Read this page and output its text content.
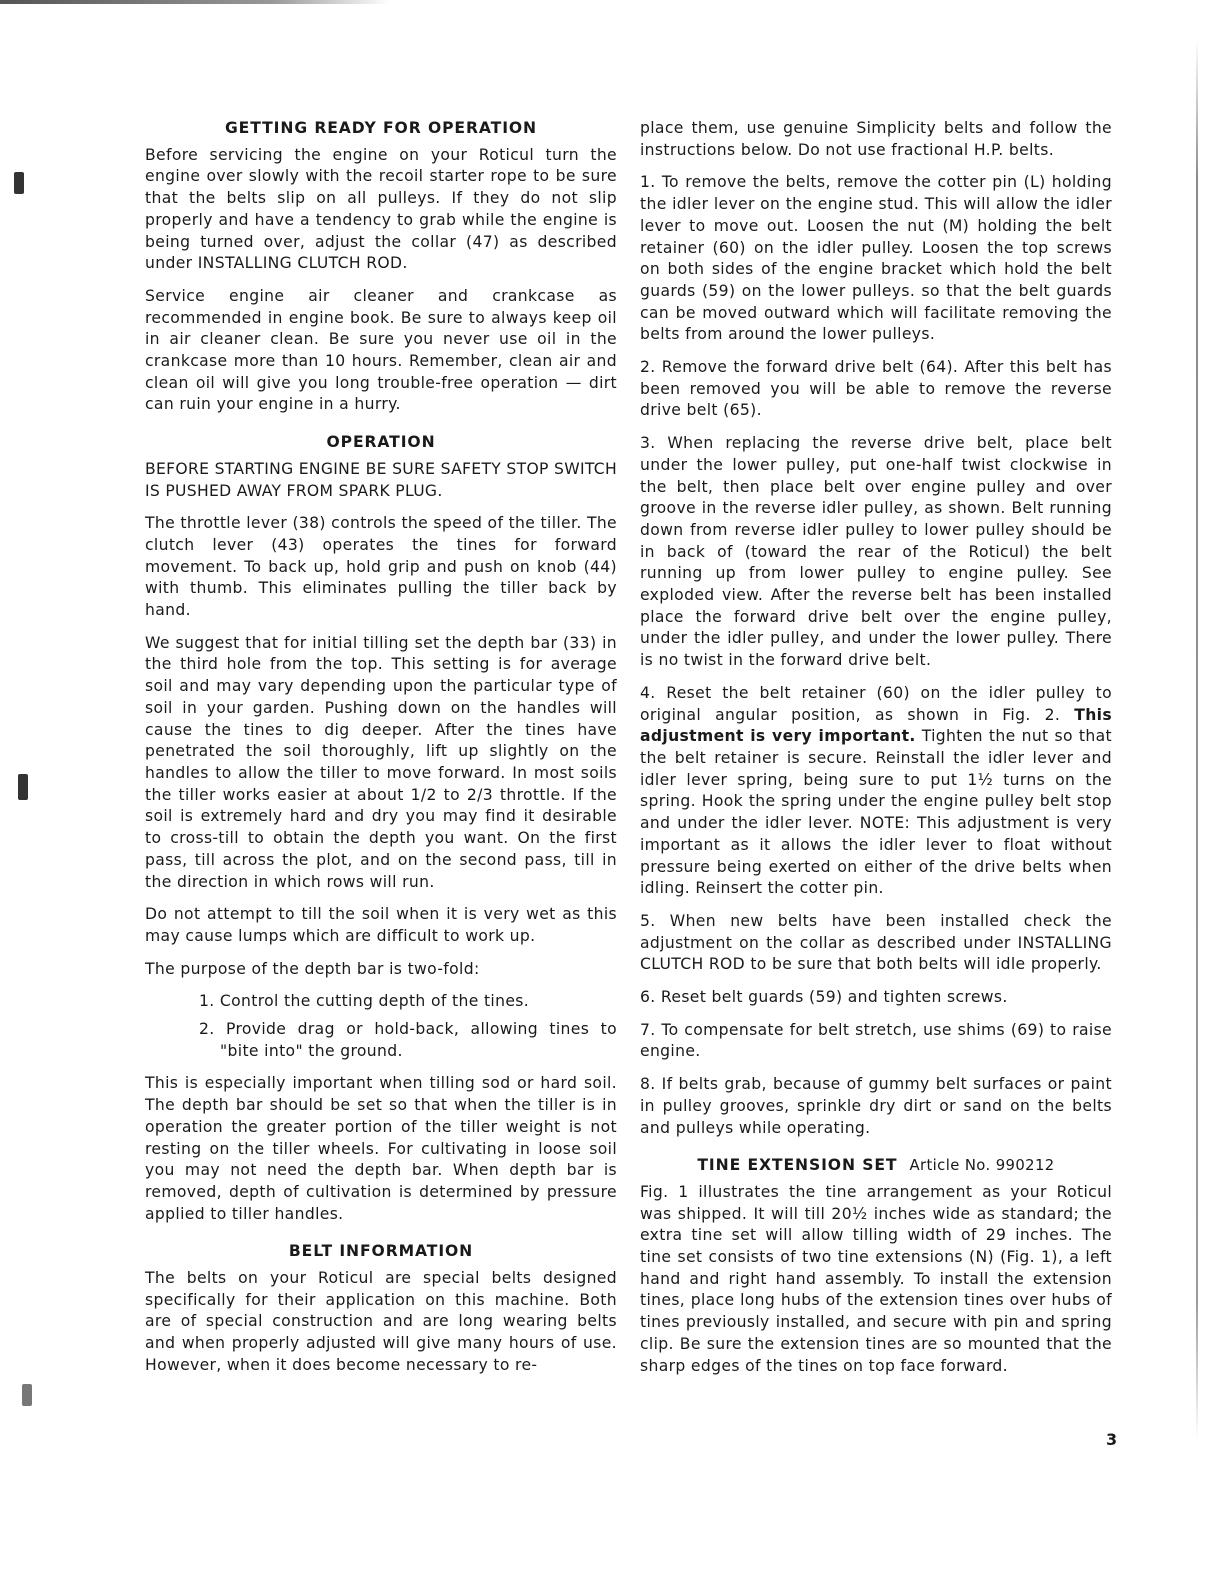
GETTING READY FOR OPERATION

Before servicing the engine on your Roticul turn the engine over slowly with the recoil starter rope to be sure that the belts slip on all pulleys. If they do not slip properly and have a tendency to grab while the engine is being turned over, adjust the collar (47) as described under INSTALLING CLUTCH ROD.

Service engine air cleaner and crankcase as recommended in engine book. Be sure to always keep oil in air cleaner clean. Be sure you never use oil in the crankcase more than 10 hours. Remember, clean air and clean oil will give you long trouble-free operation — dirt can ruin your engine in a hurry.

OPERATION

BEFORE STARTING ENGINE BE SURE SAFETY STOP SWITCH IS PUSHED AWAY FROM SPARK PLUG.

The throttle lever (38) controls the speed of the tiller. The clutch lever (43) operates the tines for forward movement. To back up, hold grip and push on knob (44) with thumb. This eliminates pulling the tiller back by hand.

We suggest that for initial tilling set the depth bar (33) in the third hole from the top. This setting is for average soil and may vary depending upon the particular type of soil in your garden. Pushing down on the handles will cause the tines to dig deeper. After the tines have penetrated the soil thoroughly, lift up slightly on the handles to allow the tiller to move forward. In most soils the tiller works easier at about 1/2 to 2/3 throttle. If the soil is extremely hard and dry you may find it desirable to cross-till to obtain the depth you want. On the first pass, till across the plot, and on the second pass, till in the direction in which rows will run.

Do not attempt to till the soil when it is very wet as this may cause lumps which are difficult to work up.

The purpose of the depth bar is two-fold:

1. Control the cutting depth of the tines.
2. Provide drag or hold-back, allowing tines to "bite into" the ground.

This is especially important when tilling sod or hard soil. The depth bar should be set so that when the tiller is in operation the greater portion of the tiller weight is not resting on the tiller wheels. For cultivating in loose soil you may not need the depth bar. When depth bar is removed, depth of cultivation is determined by pressure applied to tiller handles.

BELT INFORMATION

The belts on your Roticul are special belts designed specifically for their application on this machine. Both are of special construction and are long wearing belts and when properly adjusted will give many hours of use. However, when it does become necessary to re-

place them, use genuine Simplicity belts and follow the instructions below. Do not use fractional H.P. belts.

1. To remove the belts, remove the cotter pin (L) holding the idler lever on the engine stud. This will allow the idler lever to move out. Loosen the nut (M) holding the belt retainer (60) on the idler pulley. Loosen the top screws on both sides of the engine bracket which hold the belt guards (59) on the lower pulleys. so that the belt guards can be moved outward which will facilitate removing the belts from around the lower pulleys.

2. Remove the forward drive belt (64). After this belt has been removed you will be able to remove the reverse drive belt (65).

3. When replacing the reverse drive belt, place belt under the lower pulley, put one-half twist clockwise in the belt, then place belt over engine pulley and over groove in the reverse idler pulley, as shown. Belt running down from reverse idler pulley to lower pulley should be in back of (toward the rear of the Roticul) the belt running up from lower pulley to engine pulley. See exploded view. After the reverse belt has been installed place the forward drive belt over the engine pulley, under the idler pulley, and under the lower pulley. There is no twist in the forward drive belt.

4. Reset the belt retainer (60) on the idler pulley to original angular position, as shown in Fig. 2. This adjustment is very important. Tighten the nut so that the belt retainer is secure. Reinstall the idler lever and idler lever spring, being sure to put 1½ turns on the spring. Hook the spring under the engine pulley belt stop and under the idler lever. NOTE: This adjustment is very important as it allows the idler lever to float without pressure being exerted on either of the drive belts when idling. Reinsert the cotter pin.

5. When new belts have been installed check the adjustment on the collar as described under INSTALLING CLUTCH ROD to be sure that both belts will idle properly.

6. Reset belt guards (59) and tighten screws.

7. To compensate for belt stretch, use shims (69) to raise engine.

8. If belts grab, because of gummy belt surfaces or paint in pulley grooves, sprinkle dry dirt or sand on the belts and pulleys while operating.

TINE EXTENSION SET Article No. 990212

Fig. 1 illustrates the tine arrangement as your Roticul was shipped. It will till 20½ inches wide as standard; the extra tine set will allow tilling width of 29 inches. The tine set consists of two tine extensions (N) (Fig. 1), a left hand and right hand assembly. To install the extension tines, place long hubs of the extension tines over hubs of tines previously installed, and secure with pin and spring clip. Be sure the extension tines are so mounted that the sharp edges of the tines on top face forward.

3
